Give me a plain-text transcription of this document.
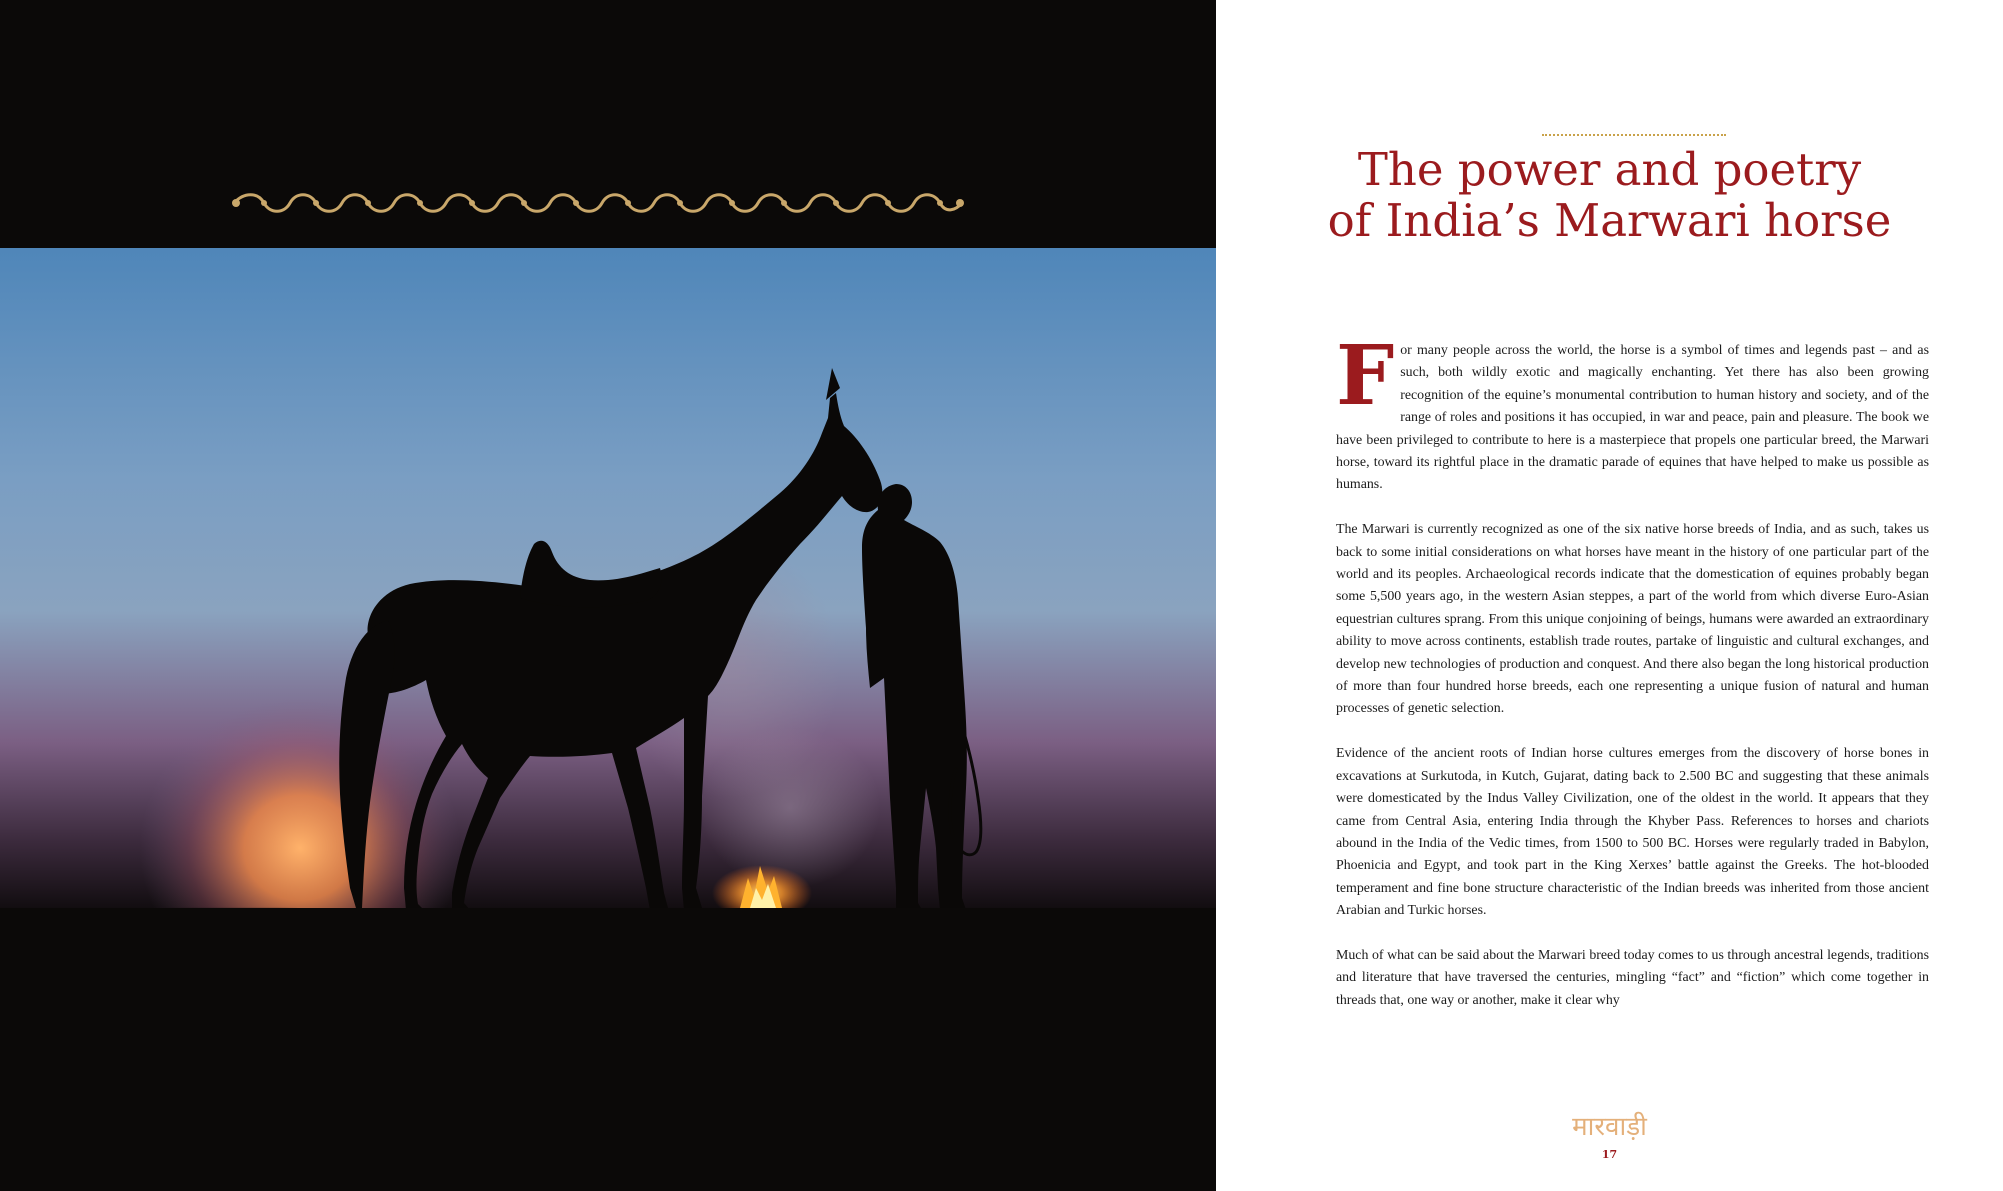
The power and poetry
of India’s Marwari horse

For many people across the world, the horse is a symbol of times and legends past – and as such, both wildly exotic and magically enchanting. Yet there has also been growing recognition of the equine’s monumental contribution to human history and society, and of the range of roles and positions it has occupied, in war and peace, pain and pleasure. The book we have been privileged to contribute to here is a masterpiece that propels one particular breed, the Marwari horse, toward its rightful place in the dramatic parade of equines that have helped to make us possible as humans.

The Marwari is currently recognized as one of the six native horse breeds of India, and as such, takes us back to some initial considerations on what horses have meant in the history of one particular part of the world and its peoples. Archaeological records indicate that the domestication of equines probably began some 5,500 years ago, in the western Asian steppes, a part of the world from which diverse Euro-Asian equestrian cultures sprang. From this unique conjoining of beings, humans were awarded an extraordinary ability to move across continents, establish trade routes, partake of linguistic and cultural exchanges, and develop new technologies of production and conquest. And there also began the long historical production of more than four hundred horse breeds, each one representing a unique fusion of natural and human processes of genetic selection.

Evidence of the ancient roots of Indian horse cultures emerges from the discovery of horse bones in excavations at Surkutoda, in Kutch, Gujarat, dating back to 2.500 BC and suggesting that these animals were domesticated by the Indus Valley Civilization, one of the oldest in the world. It appears that they came from Central Asia, entering India through the Khyber Pass. References to horses and chariots abound in the India of the Vedic times, from 1500 to 500 BC. Horses were regularly traded in Babylon, Phoenicia and Egypt, and took part in the King Xerxes’ battle against the Greeks. The hot-blooded temperament and fine bone structure characteristic of the Indian breeds was inherited from those ancient Arabian and Turkic horses.

Much of what can be said about the Marwari breed today comes to us through ancestral legends, traditions and literature that have traversed the centuries, mingling “fact” and “fiction” which come together in threads that, one way or another, make it clear why

मारवाड़ी
17
